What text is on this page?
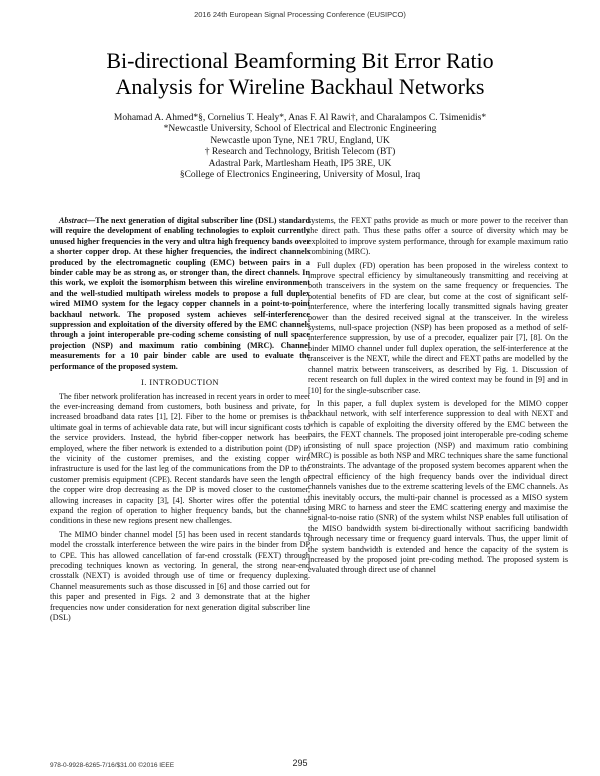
2016 24th European Signal Processing Conference (EUSIPCO)
Bi-directional Beamforming Bit Error Ratio
Analysis for Wireline Backhaul Networks
Mohamad A. Ahmed*§, Cornelius T. Healy*, Anas F. Al Rawi†, and Charalampos C. Tsimenidis*
*Newcastle University, School of Electrical and Electronic Engineering
Newcastle upon Tyne, NE1 7RU, England, UK
† Research and Technology, British Telecom (BT)
Adastral Park, Martlesham Heath, IP5 3RE, UK
§College of Electronics Engineering, University of Mosul, Iraq

Abstract—The next generation of digital subscriber line (DSL) standard will require the development of enabling technologies to exploit currently unused higher frequencies in the very and ultra high frequency bands over a shorter copper drop. At these higher frequencies, the indirect channels produced by the electromagnetic coupling (EMC) between pairs in a binder cable may be as strong as, or stronger than, the direct channels. In this work, we exploit the isomorphism between this wireline environment and the well-studied multipath wireless models to propose a full duplex wired MIMO system for the legacy copper channels in a point-to-point backhaul network. The proposed system achieves self-interference suppression and exploitation of the diversity offered by the EMC channels through a joint interoperable pre-coding scheme consisting of null space projection (NSP) and maximum ratio combining (MRC). Channel measurements for a 10 pair binder cable are used to evaluate the performance of the proposed system.

I. INTRODUCTION

The fiber network proliferation has increased in recent years in order to meet the ever-increasing demand from customers, both business and private, for increased broadband data rates [1], [2]. Fiber to the home or premises is the ultimate goal in terms of achievable data rate, but will incur significant costs to the service providers. Instead, the hybrid fiber-copper network has been employed, where the fiber network is extended to a distribution point (DP) in the vicinity of the customer premises, and the existing copper wire infrastructure is used for the last leg of the communications from the DP to the customer premisis equipment (CPE). Recent standards have seen the length of the copper wire drop decreasing as the DP is moved closer to the customer, allowing increases in capacity [3], [4]. Shorter wires offer the potential to expand the region of operation to higher frequency bands, but the channel conditions in these new regions present new challenges.

The MIMO binder channel model [5] has been used in recent standards to model the crosstalk interference between the wire pairs in the binder from DP to CPE. This has allowed cancellation of far-end crosstalk (FEXT) through precoding techniques known as vectoring. In general, the strong near-end crosstalk (NEXT) is avoided through use of time or frequency duplexing. Channel measurements such as those discussed in [6] and those carried out for this paper and presented in Figs. 2 and 3 demonstrate that at the higher frequencies now under consideration for next generation digital subscriber line (DSL)

systems, the FEXT paths provide as much or more power to the receiver than the direct path. Thus these paths offer a source of diversity which may be exploited to improve system performance, through for example maximum ratio combining (MRC).

Full duplex (FD) operation has been proposed in the wireless context to improve spectral efficiency by simultaneously transmitting and receiving at both transceivers in the system on the same frequency or frequencies. The potential benefits of FD are clear, but come at the cost of significant self-interference, where the interfering locally transmitted signals having greater power than the desired received signal at the transceiver. In the wireless systems, null-space projection (NSP) has been proposed as a method of self-interference suppression, by use of a precoder, equalizer pair [7], [8]. On the binder MIMO channel under full duplex operation, the self-interference at the transceiver is the NEXT, while the direct and FEXT paths are modelled by the channel matrix between transceivers, as described by Fig. 1. Discussion of recent research on full duplex in the wired context may be found in [9] and in [10] for the single-subscriber case.

In this paper, a full duplex system is developed for the MIMO copper backhaul network, with self interference suppression to deal with NEXT and which is capable of exploiting the diversity offered by the EMC between the pairs, the FEXT channels. The proposed joint interoperable pre-coding scheme consisting of null space projection (NSP) and maximum ratio combining (MRC) is possible as both NSP and MRC techniques share the same functional constraints. The advantage of the proposed system becomes apparent when the spectral efficiency of the high frequency bands over the individual direct channels vanishes due to the extreme scattering levels of the EMC channels. As this inevitably occurs, the multi-pair channel is processed as a MISO system using MRC to harness and steer the EMC scattering energy and maximise the signal-to-noise ratio (SNR) of the system whilst NSP enables full utilisation of the MISO bandwidth system bi-directionally without sacrificing bandwidth through necessary time or frequency guard intervals. Thus, the upper limit of the system bandwidth is extended and hence the capacity of the system is increased by the proposed joint pre-coding method. The proposed system is evaluated through direct use of channel

978-0-9928-6265-7/16/$31.00 ©2016 IEEE	295
